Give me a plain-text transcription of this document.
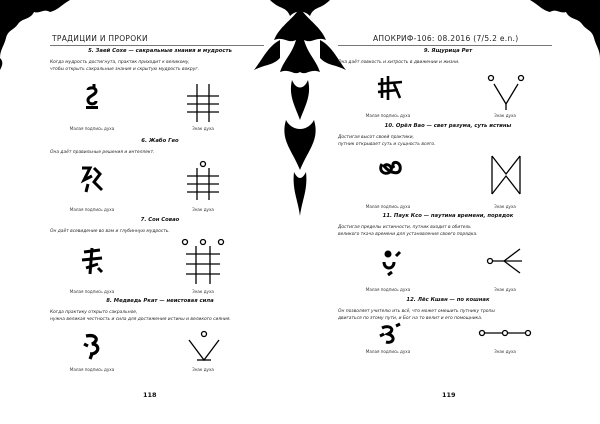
ТРАДИЦИИ И ПРОРОКИ	АПОКРИФ-106: 08.2016 (7/5.2 e.n.)
5. Заей Сохе — сакральные знания и мудрость
Когда мудрость достигнута, практик приходит к великому,
чтобы открыть сакральные знания и скрытую мудрость вокруг.
Малая подпись духа	Знак духа
6. Жабо Гео
Она даёт правильные решения и интеллект.
Малая подпись духа	Знак духа
7. Сон Совао
Он даёт всевидение во вам и глубинную мудрость.
Малая подпись духа	Знак духа
8. Медведь Ркат — неистовая сила
Когда практику открыто сакральное,
нужна великая честность и сила для достижения истины и великого сияния.
Малая подпись духа	Знак духа
118
9. Ящурица Рет
Она даёт ловкость и хитрость в движении и жизни.
Малая подпись духа	Знак духа
10. Орёл Вао — свет разума, суть истины
Достигая высот своей практики,
путник открывает суть и сущность всего.
Малая подпись духа	Знак духа
11. Паук Ксо — паутина времени, порядок
Достигая пределы истинности, путник входит в обитель
великого ткача времени для установления своего порядка.
Малая подпись духа	Знак духа
12. Лёс Кшан — по кошнак
Он позволяет учителю ить всё, что может омешить путнику тропы
двигаться по этому пути, и Бог на то велит и его помощника.
Малая подпись духа	Знак духа
119
